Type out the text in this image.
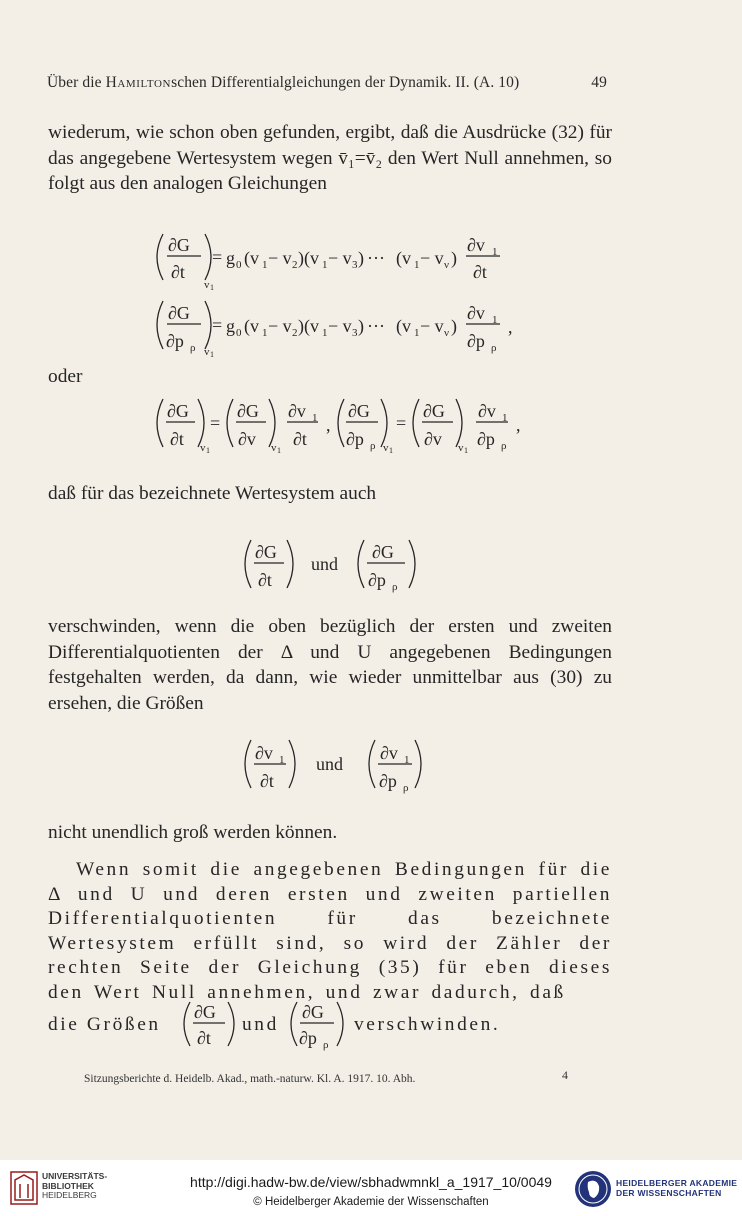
Über die Hamiltonschen Differentialgleichungen der Dynamik. II. (A. 10)	49

wiederum, wie schon oben gefunden, ergibt, daß die Ausdrücke (32) für das angegebene Wertesystem wegen v̄₁=v̄₂ den Wert Null annehmen, so folgt aus den analogen Gleichungen

oder

daß für das bezeichnete Wertesystem auch

verschwinden, wenn die oben bezüglich der ersten und zweiten Differentialquotienten der Δ und U angegebenen Bedingungen festgehalten werden, da dann, wie wieder unmittelbar aus (30) zu ersehen, die Größen

nicht unendlich groß werden können.

Wenn somit die angegebenen Bedingungen für die Δ und U und deren ersten und zweiten partiellen Differentialquotienten für das bezeichnete Wertesystem erfüllt sind, so wird der Zähler der rechten Seite der Gleichung (35) für eben dieses den Wert Null annehmen, und zwar dadurch, daß

die Größen	und	verschwinden.
∂G
∂t
v 1
= g 0 (v 1 − v 2 ) (v 1 − v 3 ) ··· (v 1 − v ν )
∂v 1
∂t
∂G
∂p ρ v 1
= g 0 (v 1 − v 2 ) (v 1 − v 3 ) ··· (v 1 − v ν )
∂v 1
∂p ρ
,
∂G
∂t v 1
=
∂G
∂v v 1
∂v 1
∂t
,
∂G
∂p ρ v 1
=
∂G
∂v v 1
∂v 1
∂p ρ
,
∂G
∂t
und
∂G
∂p ρ
∂v 1
∂t
und
∂v 1
∂p ρ
∂G
∂t
∂G
∂p ρ
Sitzungsberichte d. Heidelb. Akad., math.-naturw. Kl. A. 1917. 10. Abh.	4
UNIVERSITÄTS-
BIBLIOTHEK
HEIDELBERG
http://digi.hadw-bw.de/view/sbhadwmnkl_a_1917_10/0049
© Heidelberger Akademie der Wissenschaften
HEIDELBERGER AKADEMIE
DER WISSENSCHAFTEN
